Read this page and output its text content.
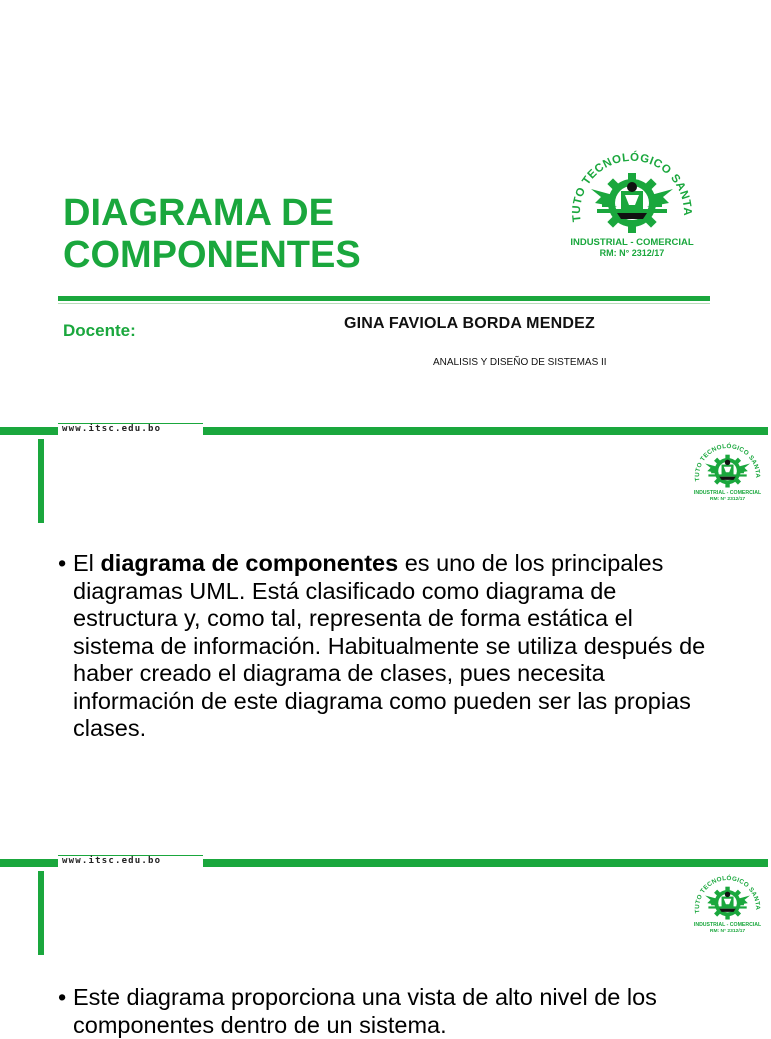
DIAGRAMA DE
COMPONENTES
Docente:	GINA FAVIOLA BORDA MENDEZ
ANALISIS Y DISEÑO DE SISTEMAS II
www.itsc.edu.bo
• El diagrama de componentes es uno de los principales diagramas UML. Está clasificado como diagrama de estructura y, como tal, representa de forma estática el sistema de información. Habitualmente se utiliza después de haber creado el diagrama de clases, pues necesita información de este diagrama como pueden ser las propias clases.
www.itsc.edu.bo
• Este diagrama proporciona una vista de alto nivel de los componentes dentro de un sistema.
